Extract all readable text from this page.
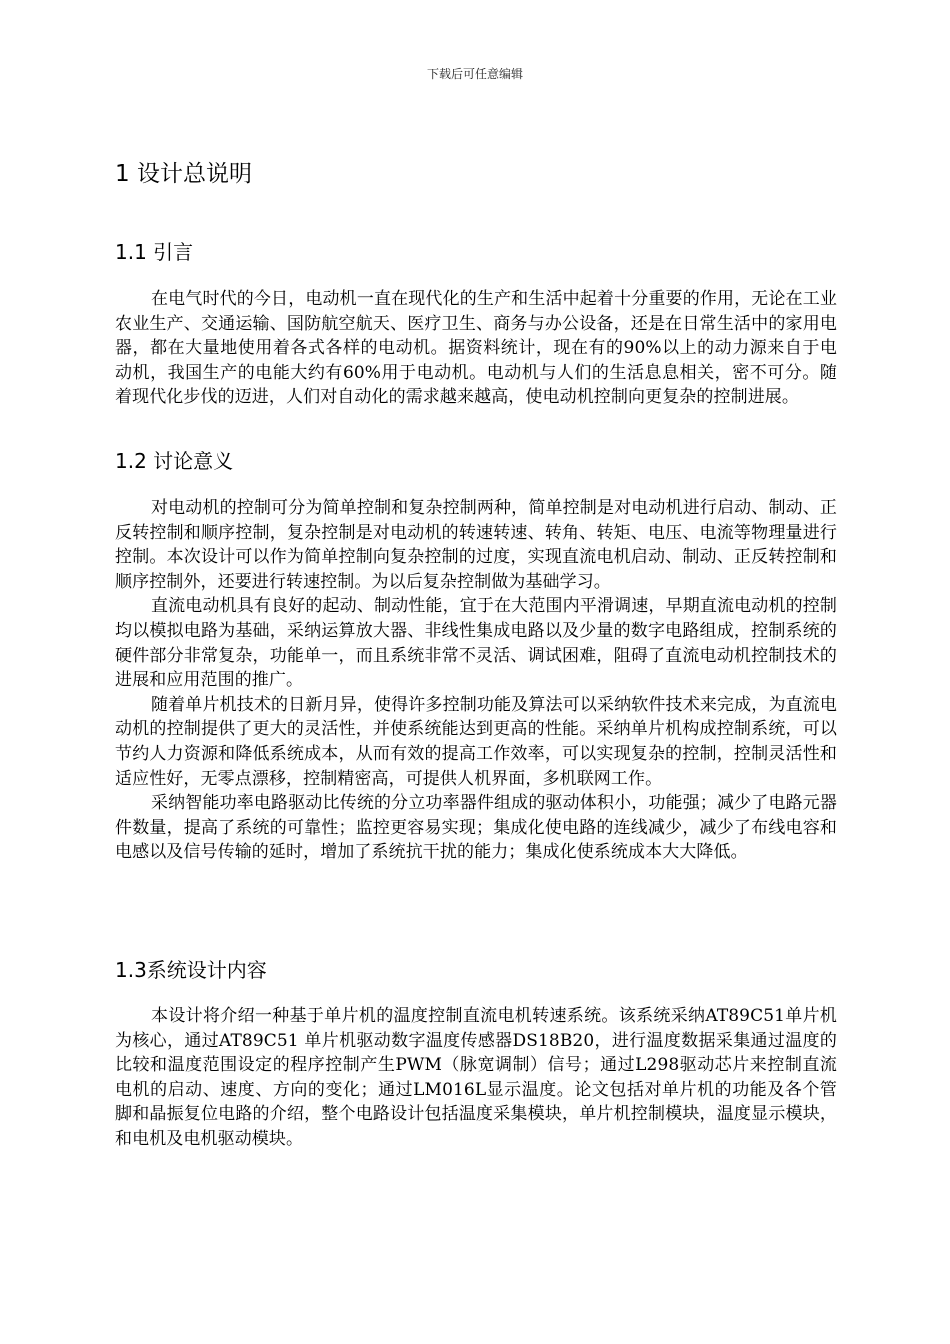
下载后可任意编辑
1 设计总说明
1.1 引言

在电气时代的今日，电动机一直在现代化的生产和生活中起着十分重要的作用，无论在工业农业生产、交通运输、国防航空航天、医疗卫生、商务与办公设备，还是在日常生活中的家用电器，都在大量地使用着各式各样的电动机。据资料统计，现在有的90%以上的动力源来自于电动机，我国生产的电能大约有60%用于电动机。电动机与人们的生活息息相关，密不可分。随着现代化步伐的迈进，人们对自动化的需求越来越高，使电动机控制向更复杂的控制进展。

1.2 讨论意义

对电动机的控制可分为简单控制和复杂控制两种，简单控制是对电动机进行启动、制动、正反转控制和顺序控制，复杂控制是对电动机的转速转速、转角、转矩、电压、电流等物理量进行控制。本次设计可以作为简单控制向复杂控制的过度，实现直流电机启动、制动、正反转控制和顺序控制外，还要进行转速控制。为以后复杂控制做为基础学习。

直流电动机具有良好的起动、制动性能，宜于在大范围内平滑调速，早期直流电动机的控制均以模拟电路为基础，采纳运算放大器、非线性集成电路以及少量的数字电路组成，控制系统的硬件部分非常复杂，功能单一，而且系统非常不灵活、调试困难，阻碍了直流电动机控制技术的进展和应用范围的推广。

随着单片机技术的日新月异，使得许多控制功能及算法可以采纳软件技术来完成，为直流电动机的控制提供了更大的灵活性，并使系统能达到更高的性能。采纳单片机构成控制系统，可以节约人力资源和降低系统成本，从而有效的提高工作效率，可以实现复杂的控制，控制灵活性和适应性好，无零点漂移，控制精密高，可提供人机界面，多机联网工作。

采纳智能功率电路驱动比传统的分立功率器件组成的驱动体积小，功能强；减少了电路元器件数量，提高了系统的可靠性；监控更容易实现；集成化使电路的连线减少，减少了布线电容和电感以及信号传输的延时，增加了系统抗干扰的能力；集成化使系统成本大大降低。

1.3系统设计内容

本设计将介绍一种基于单片机的温度控制直流电机转速系统。该系统采纳AT89C51单片机为核心，通过AT89C51 单片机驱动数字温度传感器DS18B20，进行温度数据采集通过温度的比较和温度范围设定的程序控制产生PWM（脉宽调制）信号；通过L298驱动芯片来控制直流电机的启动、速度、方向的变化；通过LM016L显示温度。论文包括对单片机的功能及各个管脚和晶振复位电路的介绍，整个电路设计包括温度采集模块，单片机控制模块，温度显示模块，和电机及电机驱动模块。
